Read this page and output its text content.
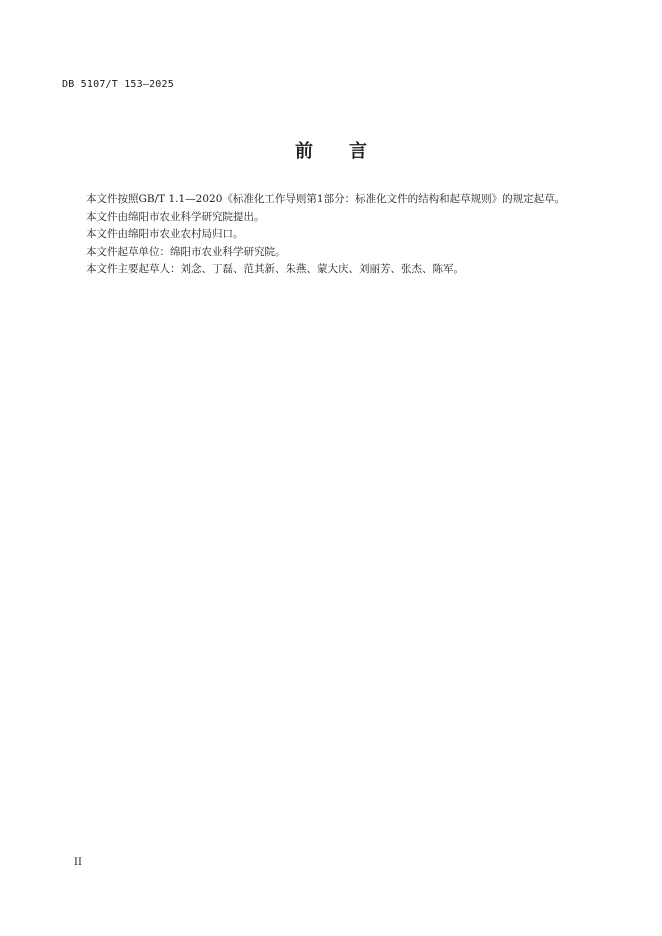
DB 5107/T 153—2025
前言

本文件按照GB/T 1.1—2020《标准化工作导则第1部分：标准化文件的结构和起草规则》的规定起草。

本文件由绵阳市农业科学研究院提出。

本文件由绵阳市农业农村局归口。

本文件起草单位：绵阳市农业科学研究院。

本文件主要起草人：刘念、丁磊、范其新、朱燕、蒙大庆、刘丽芳、张杰、陈军。

II
